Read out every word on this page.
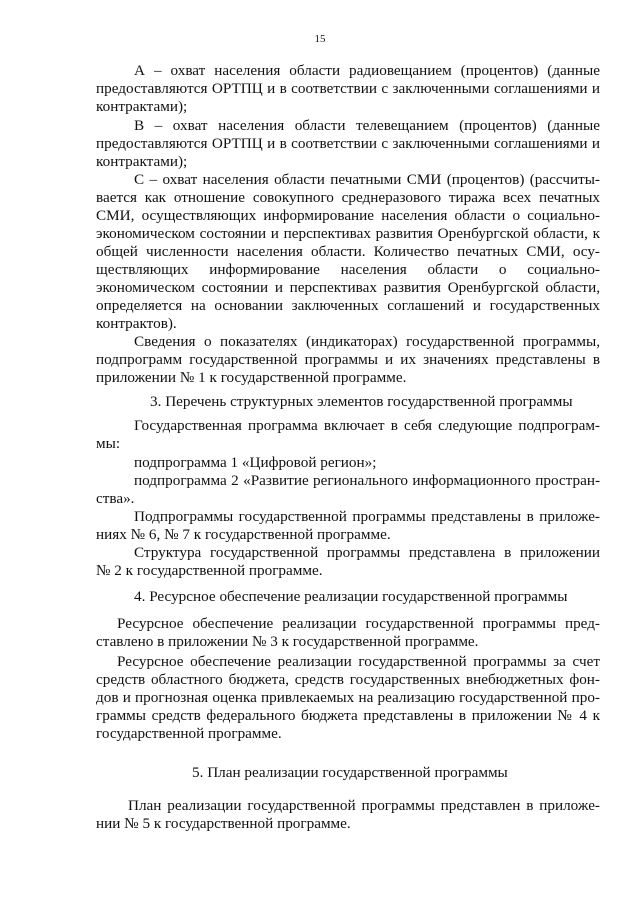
15

А – охват населения области радиовещанием (процентов) (данные

предоставляются ОРТПЦ и в соответствии с заключенными соглашениями и

контрактами);

В – охват населения области телевещанием (процентов) (данные

предоставляются ОРТПЦ и в соответствии с заключенными соглашениями и

контрактами);

С – охват населения области печатными СМИ (процентов) (рассчиты-

вается как отношение совокупного среднеразового тиража всех печатных

СМИ, осуществляющих информирование населения области о социально-

экономическом состоянии и перспективах развития Оренбургской области, к

общей численности населения области. Количество печатных СМИ, осу-

ществляющих информирование населения области о социально-

экономическом состоянии и перспективах развития Оренбургской области,

определяется на основании заключенных соглашений и государственных

контрактов).

Сведения о показателях (индикаторах) государственной программы,

подпрограмм государственной программы и их значениях представлены в

приложении № 1 к государственной программе.

3. Перечень структурных элементов государственной программы

Государственная программа включает в себя следующие подпрограм-

мы:

подпрограмма 1 «Цифровой регион»;

подпрограмма 2 «Развитие регионального информационного простран-

ства».

Подпрограммы государственной программы представлены в приложе-

ниях № 6, № 7 к государственной программе.

Структура государственной программы представлена в приложении

№ 2 к государственной программе.

4. Ресурсное обеспечение реализации государственной программы

Ресурсное обеспечение реализации государственной программы пред-

ставлено в приложении № 3 к государственной программе.

Ресурсное обеспечение реализации государственной программы за счет

средств областного бюджета, средств государственных внебюджетных фон-

дов и прогнозная оценка привлекаемых на реализацию государственной про-

граммы средств федерального бюджета представлены в приложении № 4 к

государственной программе.

5. План реализации государственной программы

План реализации государственной программы представлен в приложе-

нии № 5 к государственной программе.
